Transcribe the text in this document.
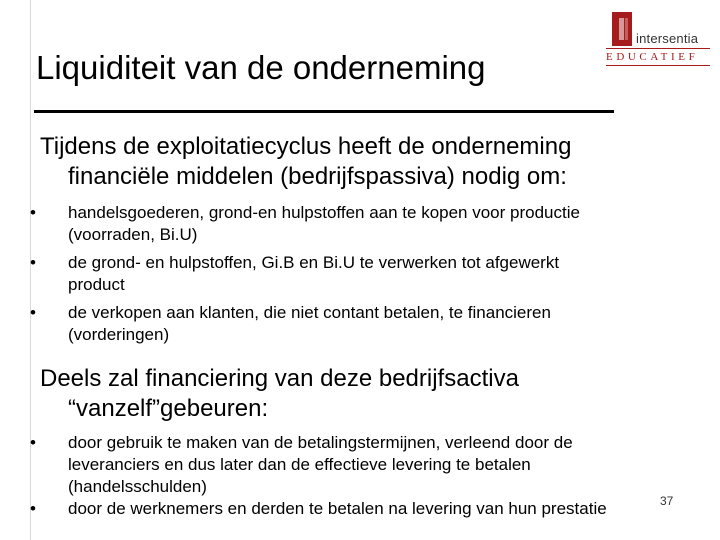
Liquiditeit van de onderneming
intersentia
EDUCATIEF
Tijdens de exploitatiecyclus heeft de onderneming
financiële middelen (bedrijfspassiva) nodig om:
• handelsgoederen, grond-en hulpstoffen aan te kopen voor productie
(voorraden, Bi.U)
• de grond- en hulpstoffen, Gi.B en Bi.U te verwerken tot afgewerkt
product
• de verkopen aan klanten, die niet contant betalen, te financieren
(vorderingen)
Deels zal financiering van deze bedrijfsactiva
“vanzelf”gebeuren:
• door gebruik te maken van de betalingstermijnen, verleend door de
leveranciers en dus later dan de effectieve levering te betalen
(handelsschulden)
• door de werknemers en derden te betalen na levering van hun prestatie	37
